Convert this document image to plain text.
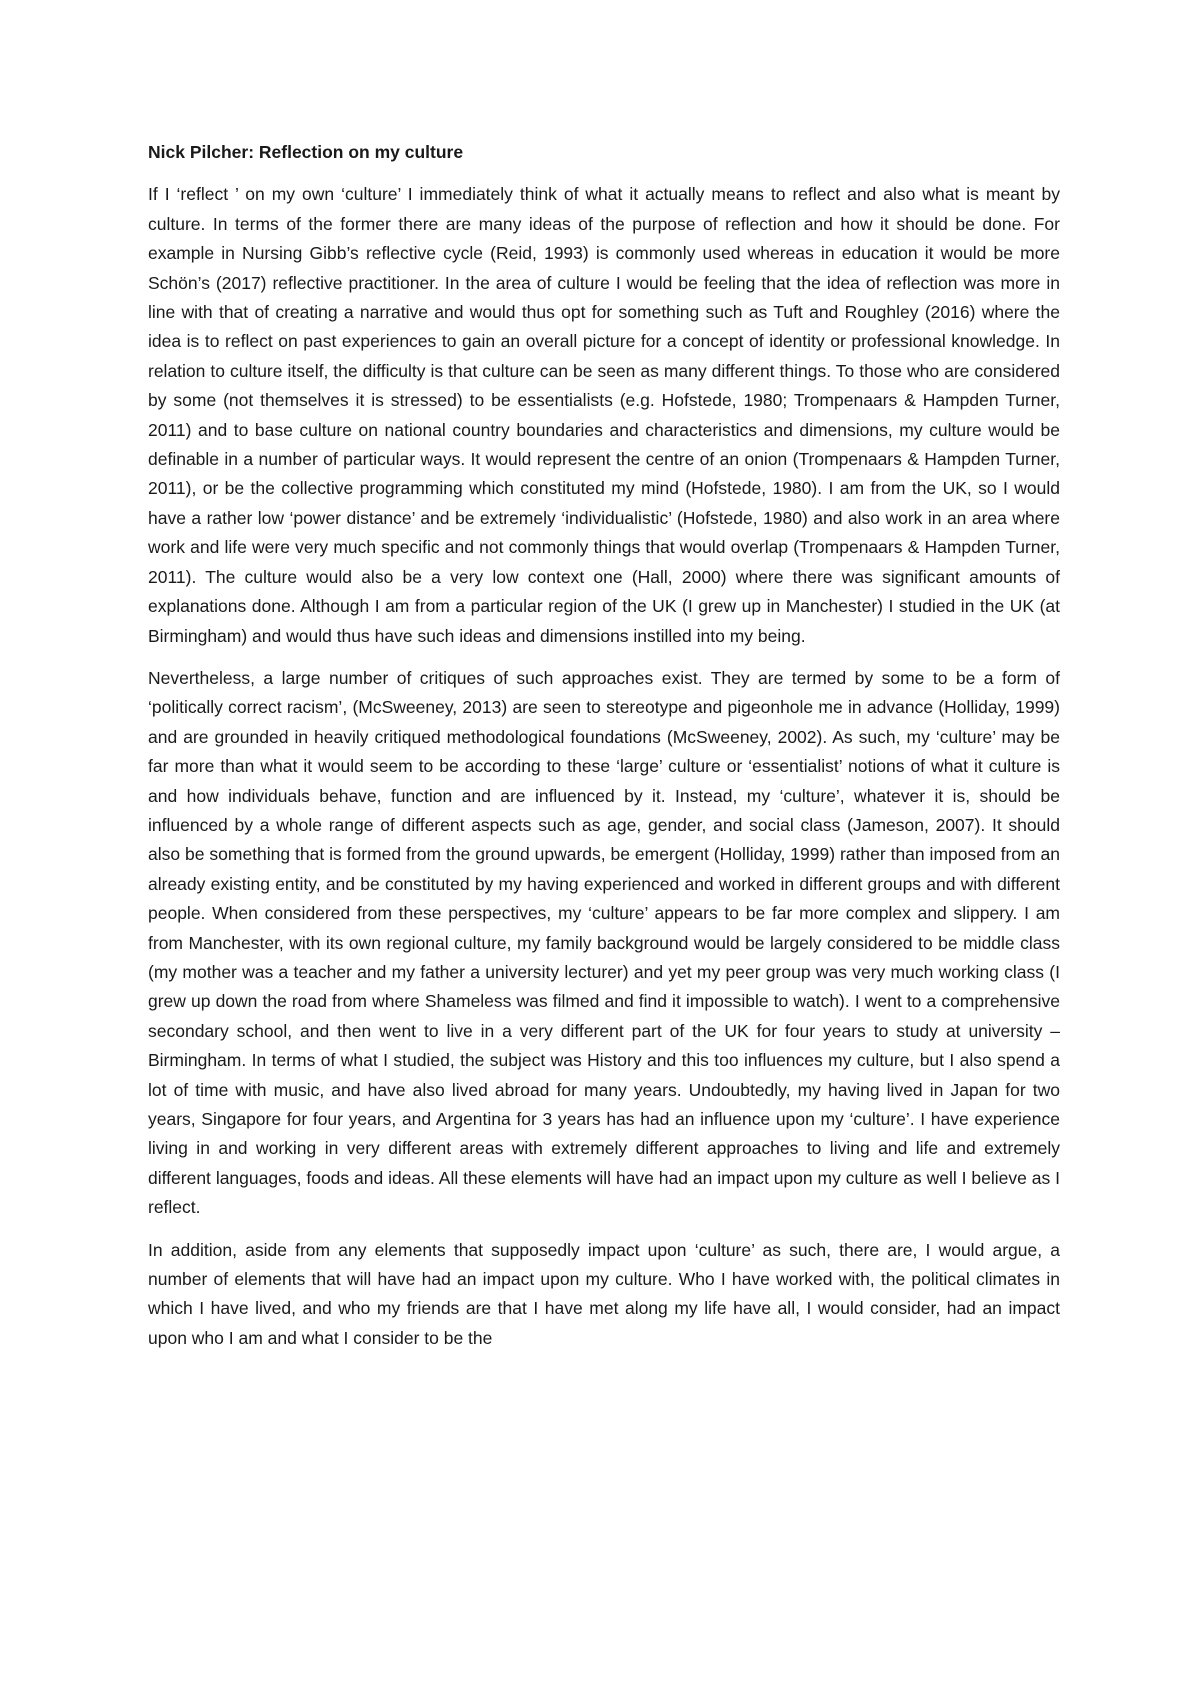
Nick Pilcher: Reflection on my culture

If I ‘reflect ’ on my own ‘culture’ I immediately think of what it actually means to reflect and also what is meant by culture. In terms of the former there are many ideas of the purpose of reflection and how it should be done. For example in Nursing Gibb’s reflective cycle (Reid, 1993) is commonly used whereas in education it would be more Schӧn’s (2017) reflective practitioner. In the area of culture I would be feeling that the idea of reflection was more in line with that of creating a narrative and would thus opt for something such as Tuft and Roughley (2016) where the idea is to reflect on past experiences to gain an overall picture for a concept of identity or professional knowledge. In relation to culture itself, the difficulty is that culture can be seen as many different things. To those who are considered by some (not themselves it is stressed) to be essentialists (e.g. Hofstede, 1980; Trompenaars & Hampden Turner, 2011) and to base culture on national country boundaries and characteristics and dimensions, my culture would be definable in a number of particular ways. It would represent the centre of an onion (Trompenaars & Hampden Turner, 2011), or be the collective programming which constituted my mind (Hofstede, 1980). I am from the UK, so I would have a rather low ‘power distance’ and be extremely ‘individualistic’ (Hofstede, 1980) and also work in an area where work and life were very much specific and not commonly things that would overlap (Trompenaars & Hampden Turner, 2011). The culture would also be a very low context one (Hall, 2000) where there was significant amounts of explanations done. Although I am from a particular region of the UK (I grew up in Manchester) I studied in the UK (at Birmingham) and would thus have such ideas and dimensions instilled into my being.

Nevertheless, a large number of critiques of such approaches exist. They are termed by some to be a form of ‘politically correct racism’, (McSweeney, 2013) are seen to stereotype and pigeonhole me in advance (Holliday, 1999) and are grounded in heavily critiqued methodological foundations (McSweeney, 2002). As such, my ‘culture’ may be far more than what it would seem to be according to these ‘large’ culture or ‘essentialist’ notions of what it culture is and how individuals behave, function and are influenced by it. Instead, my ‘culture’, whatever it is, should be influenced by a whole range of different aspects such as age, gender, and social class (Jameson, 2007). It should also be something that is formed from the ground upwards, be emergent (Holliday, 1999) rather than imposed from an already existing entity, and be constituted by my having experienced and worked in different groups and with different people. When considered from these perspectives, my ‘culture’ appears to be far more complex and slippery. I am from Manchester, with its own regional culture, my family background would be largely considered to be middle class (my mother was a teacher and my father a university lecturer) and yet my peer group was very much working class (I grew up down the road from where Shameless was filmed and find it impossible to watch). I went to a comprehensive secondary school, and then went to live in a very different part of the UK for four years to study at university – Birmingham. In terms of what I studied, the subject was History and this too influences my culture, but I also spend a lot of time with music, and have also lived abroad for many years. Undoubtedly, my having lived in Japan for two years, Singapore for four years, and Argentina for 3 years has had an influence upon my ‘culture’. I have experience living in and working in very different areas with extremely different approaches to living and life and extremely different languages, foods and ideas. All these elements will have had an impact upon my culture as well I believe as I reflect.

In addition, aside from any elements that supposedly impact upon ‘culture’ as such, there are, I would argue, a number of elements that will have had an impact upon my culture. Who I have worked with, the political climates in which I have lived, and who my friends are that I have met along my life have all, I would consider, had an impact upon who I am and what I consider to be the
